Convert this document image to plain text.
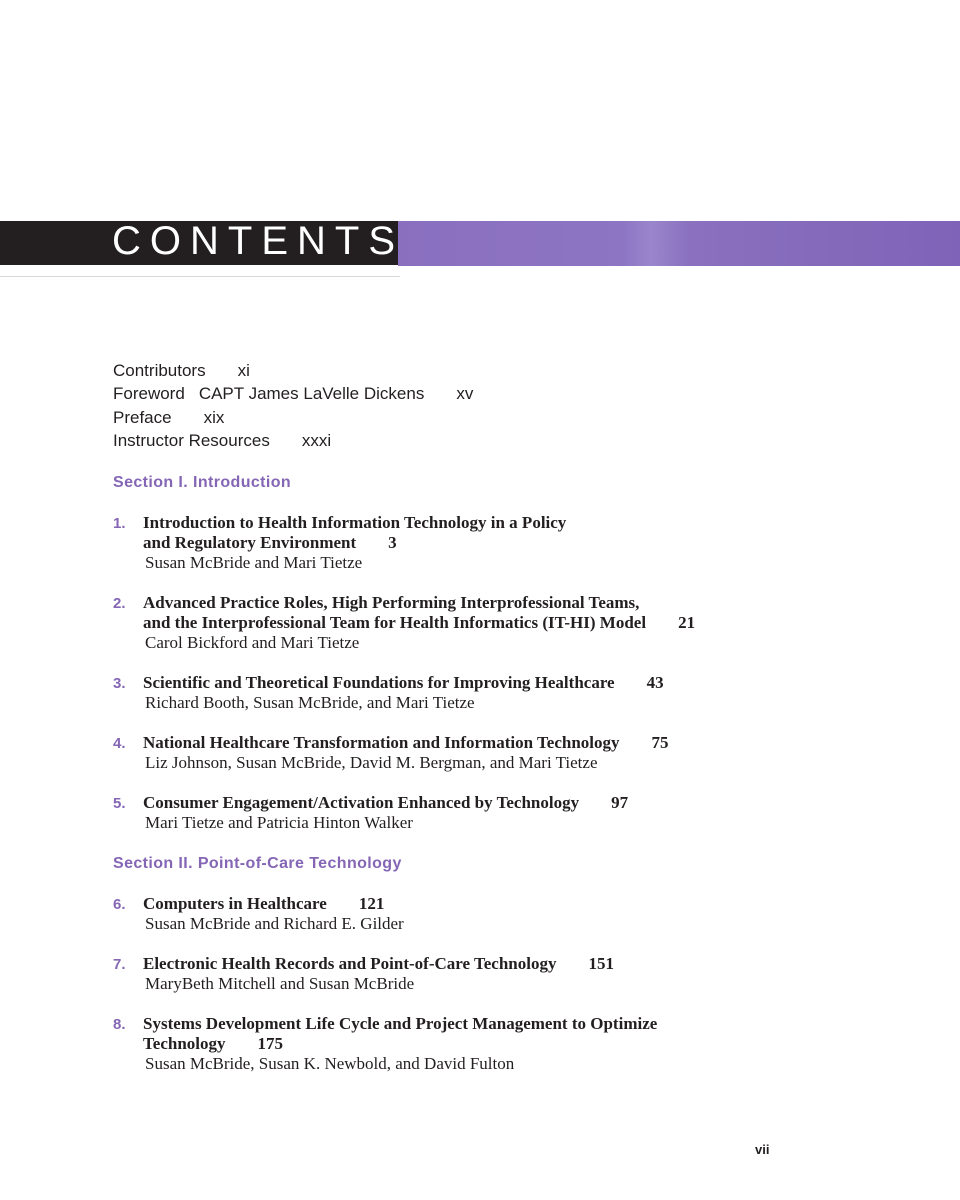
CONTENTS
Contributors xi
Foreword CAPT James LaVelle Dickens xv
Preface xix
Instructor Resources xxxi
Section I. Introduction
1. Introduction to Health Information Technology in a Policy
and Regulatory Environment 3
Susan McBride and Mari Tietze
2. Advanced Practice Roles, High Performing Interprofessional Teams,
and the Interprofessional Team for Health Informatics (IT-HI) Model 21
Carol Bickford and Mari Tietze
3. Scientific and Theoretical Foundations for Improving Healthcare 43
Richard Booth, Susan McBride, and Mari Tietze
4. National Healthcare Transformation and Information Technology 75
Liz Johnson, Susan McBride, David M. Bergman, and Mari Tietze
5. Consumer Engagement/Activation Enhanced by Technology 97
Mari Tietze and Patricia Hinton Walker
Section II. Point-of-Care Technology
6. Computers in Healthcare 121
Susan McBride and Richard E. Gilder
7. Electronic Health Records and Point-of-Care Technology 151
MaryBeth Mitchell and Susan McBride
8. Systems Development Life Cycle and Project Management to Optimize
Technology 175
Susan McBride, Susan K. Newbold, and David Fulton
vii
